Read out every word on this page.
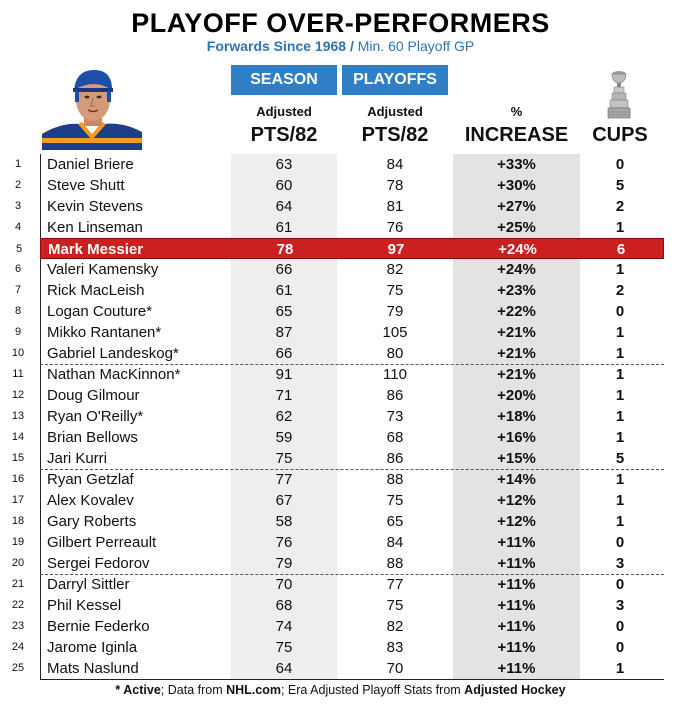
PLAYOFF OVER-PERFORMERS
Forwards Since 1968 / Min. 60 Playoff GP
SEASON	PLAYOFFS
Adjusted	Adjusted	%
PTS/82	PTS/82	INCREASE	CUPS
1	Daniel Briere	63	84	+33%	0
2	Steve Shutt	60	78	+30%	5
3	Kevin Stevens	64	81	+27%	2
4	Ken Linseman	61	76	+25%	1
5	Mark Messier	78	97	+24%	6
6	Valeri Kamensky	66	82	+24%	1
7	Rick MacLeish	61	75	+23%	2
8	Logan Couture*	65	79	+22%	0
9	Mikko Rantanen*	87	105	+21%	1
10 Gabriel Landeskog*	66	80	+21%	1
11 Nathan MacKinnon*	91	110	+21%	1
12 Doug Gilmour	71	86	+20%	1
13 Ryan O'Reilly*	62	73	+18%	1
14 Brian Bellows	59	68	+16%	1
15 Jari Kurri	75	86	+15%	5
16 Ryan Getzlaf	77	88	+14%	1
17 Alex Kovalev	67	75	+12%	1
18 Gary Roberts	58	65	+12%	1
19 Gilbert Perreault	76	84	+11%	0
20 Sergei Fedorov	79	88	+11%	3
21 Darryl Sittler	70	77	+11%	0
22 Phil Kessel	68	75	+11%	3
23 Bernie Federko	74	82	+11%	0
24 Jarome Iginla	75	83	+11%	0
25 Mats Naslund	64	70	+11%	1
* Active; Data from NHL.com; Era Adjusted Playoff Stats from Adjusted Hockey
